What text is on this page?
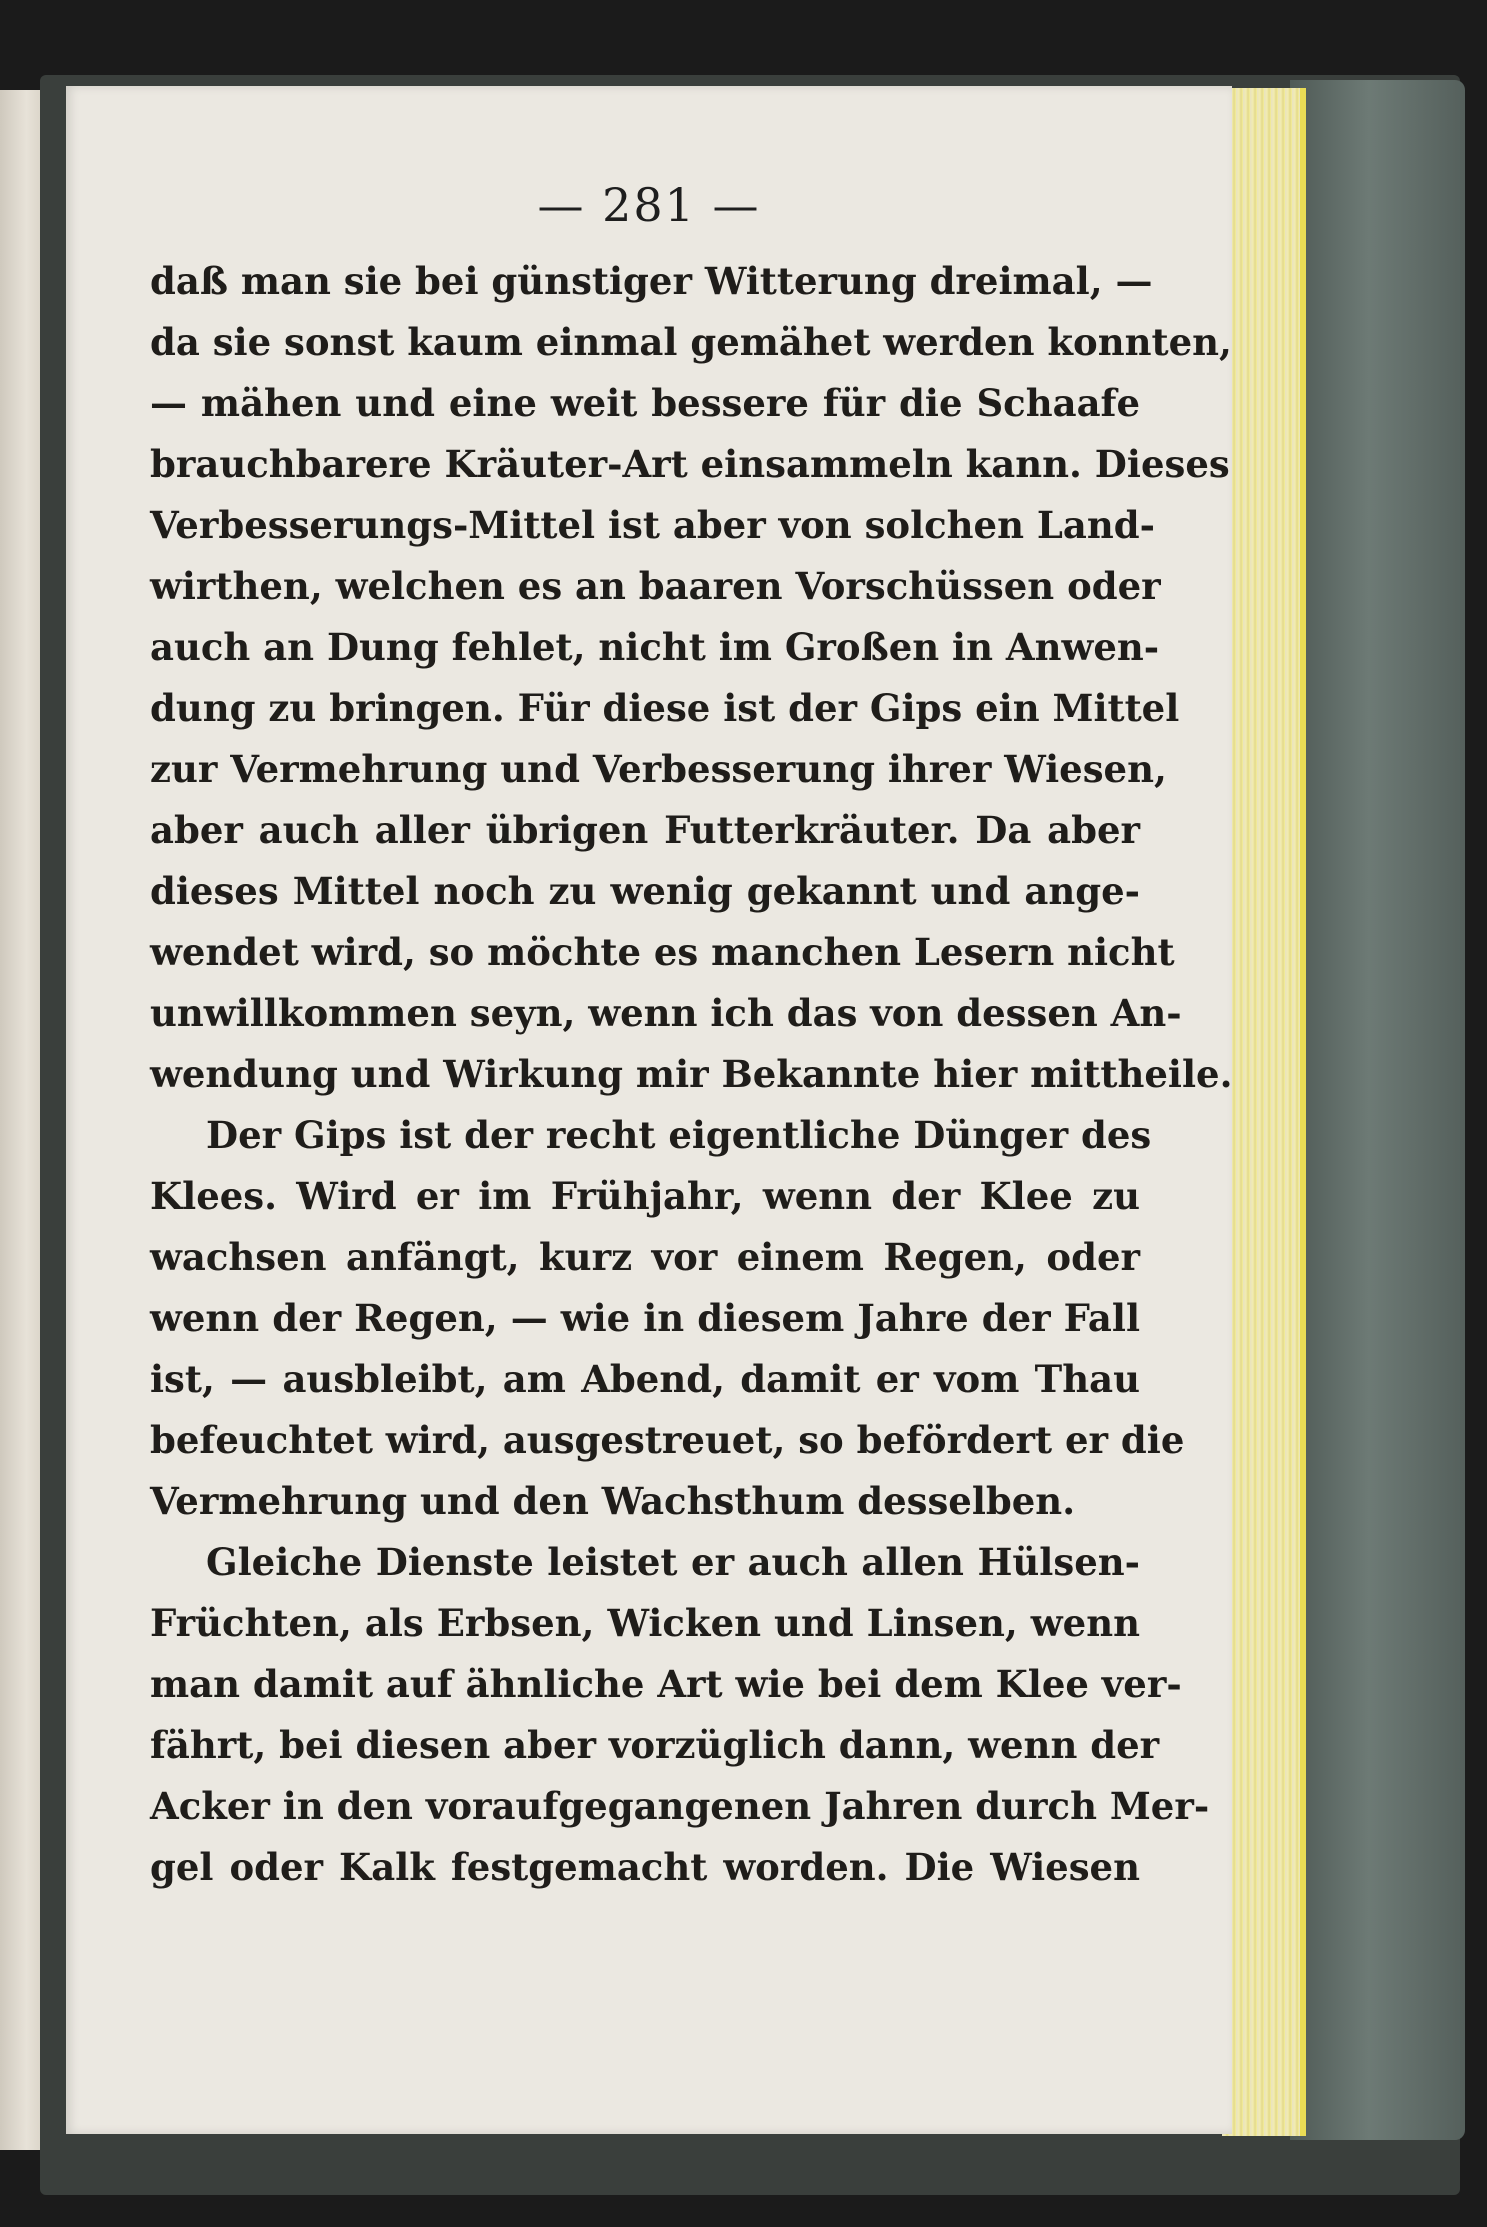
— 281 —
daß man sie bei günstiger Witterung dreimal, —
da sie sonst kaum einmal gemähet werden konnten,
— mähen und eine weit bessere für die Schaafe
brauchbarere Kräuter-Art einsammeln kann. Dieses
Verbesserungs-Mittel ist aber von solchen Land-
wirthen, welchen es an baaren Vorschüssen oder
auch an Dung fehlet, nicht im Großen in Anwen-
dung zu bringen. Für diese ist der Gips ein Mittel
zur Vermehrung und Verbesserung ihrer Wiesen,
aber auch aller übrigen Futterkräuter. Da aber
dieses Mittel noch zu wenig gekannt und ange-
wendet wird, so möchte es manchen Lesern nicht
unwillkommen seyn, wenn ich das von dessen An-
wendung und Wirkung mir Bekannte hier mittheile.
Der Gips ist der recht eigentliche Dünger des
Klees. Wird er im Frühjahr, wenn der Klee zu
wachsen anfängt, kurz vor einem Regen, oder
wenn der Regen, — wie in diesem Jahre der Fall
ist, — ausbleibt, am Abend, damit er vom Thau
befeuchtet wird, ausgestreuet, so befördert er die
Vermehrung und den Wachsthum desselben.
Gleiche Dienste leistet er auch allen Hülsen-
Früchten, als Erbsen, Wicken und Linsen, wenn
man damit auf ähnliche Art wie bei dem Klee ver-
fährt, bei diesen aber vorzüglich dann, wenn der
Acker in den voraufgegangenen Jahren durch Mer-
gel oder Kalk festgemacht worden. Die Wiesen
